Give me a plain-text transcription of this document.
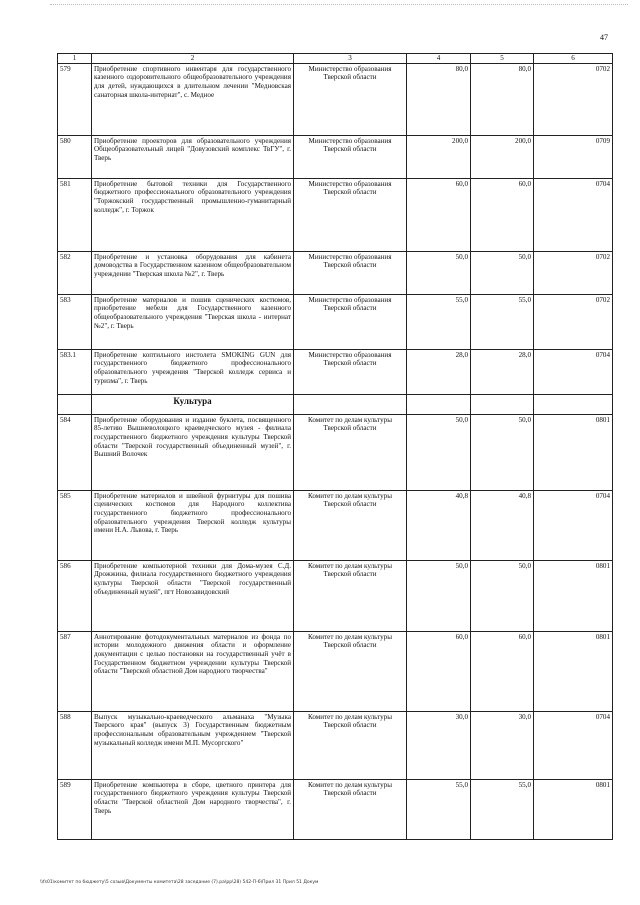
47
1	2	3	4	5	6
579	Приобретение спортивного инвентаря для государственного казенного оздоровительного общеобразовательного учреждения для детей, нуждающихся в длительном лечении "Медновская санаторная школа-интернат", с. Медное	Министерство образования Тверской области	80,0	80,0	0702
580	Приобретение проекторов для образовательного учреждения Общеобразовательный лицей "Довузовский комплекс ТвГУ", г. Тверь	Министерство образования Тверской области	200,0	200,0	0709
581	Приобретение бытовой техники для Государственного бюджетного профессионального образовательного учреждения "Торжокский государственный промышленно-гуманитарный колледж", г. Торжок	Министерство образования Тверской области	60,0	60,0	0704
582	Приобретение и установка оборудования для кабинета домоводства в Государственном казенном общеобразовательном учреждении "Тверская школа №2", г. Тверь	Министерство образования Тверской области	50,0	50,0	0702
583	Приобретение материалов и пошив сценических костюмов, приобретение мебели для Государственного казенного общеобразовательного учреждения "Тверская школа - интернат №2", г. Тверь	Министерство образования Тверской области	55,0	55,0	0702
583.1	Приобретение коптильного инстолета SMOKING GUN для государственного бюджетного профессионального образовательного учреждения "Тверской колледж сервиса и туризма", г. Тверь	Министерство образования Тверской области	28,0	28,0	0704
	Культура				
584	Приобретение оборудования и издание буклета, посвященного 85-летию Вышневолоцкого краеведческого музея - филиала государственного бюджетного учреждения культуры Тверской области "Тверской государственный объединенный музей", г. Вышний Волочек	Комитет по делам культуры Тверской области	50,0	50,0	0801
585	Приобретение материалов и швейной фурнитуры для пошива сценических костюмов для Народного коллектива государственного бюджетного профессионального образовательного учреждения Тверской колледж культуры имени Н.А. Львова, г. Тверь	Комитет по делам культуры Тверской области	40,8	40,8	0704
586	Приобретение компьютерной техники для Дома-музея С.Д. Дрожжина, филиала государственного бюджетного учреждения культуры Тверской области "Тверской государственный объединенный музей", пгт Новозавидовский	Комитет по делам культуры Тверской области	50,0	50,0	0801
587	Аннотирование фотодокументальных материалов из фонда по истории молодежного движения области и оформление документации с целью постановки на государственный учёт в Государственном бюджетном учреждении культуры Тверской области "Тверской областной Дом народного творчества"	Комитет по делам культуры Тверской области	60,0	60,0	0801
588	Выпуск музыкально-краеведческого альманаха "Музыка Тверского края" (выпуск 3) Государственным бюджетным профессиональным образовательным учреждением "Тверской музыкальный колледж имени М.П. Мусоргского"	Комитет по делам культуры Тверской области	30,0	30,0	0704
589	Приобретение компьютера в сборе, цветного принтера для государственного бюджетного учреждения культуры Тверской области "Тверской областной Дом народного творчества", г. Тверь	Комитет по делам культуры Тверской области	55,0	55,0	0801
\\fs01\комитет по бюджету\5 созыв\Документы комитета\28 заседание (7).ра\рр\28) 542-П-6\Прил 31 Прил 51 Докум
